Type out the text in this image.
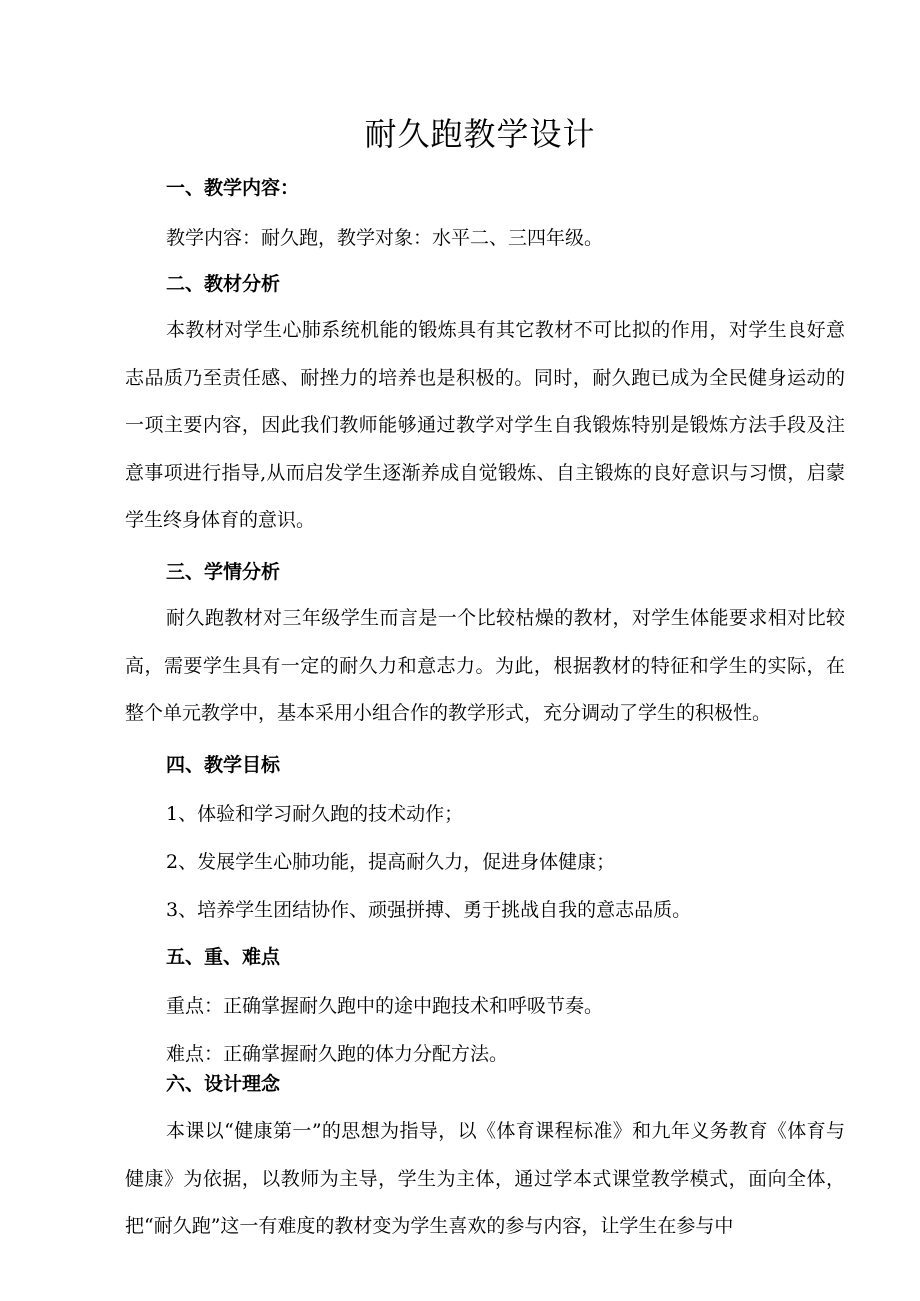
耐久跑教学设计
一、教学内容：
教学内容：耐久跑，教学对象：水平二、三四年级。
二、教材分析
本教材对学生心肺系统机能的锻炼具有其它教材不可比拟的作用，对学生良好意志品质乃至责任感、耐挫力的培养也是积极的。同时，耐久跑已成为全民健身运动的一项主要内容，因此我们教师能够通过教学对学生自我锻炼特别是锻炼方法手段及注意事项进行指导,从而启发学生逐渐养成自觉锻炼、自主锻炼的良好意识与习惯，启蒙学生终身体育的意识。
三、学情分析
耐久跑教材对三年级学生而言是一个比较枯燥的教材，对学生体能要求相对比较高，需要学生具有一定的耐久力和意志力。为此，根据教材的特征和学生的实际，在整个单元教学中，基本采用小组合作的教学形式，充分调动了学生的积极性。
四、教学目标
1、体验和学习耐久跑的技术动作；
2、发展学生心肺功能，提高耐久力，促进身体健康；
3、培养学生团结协作、顽强拼搏、勇于挑战自我的意志品质。
五、重、难点
重点：正确掌握耐久跑中的途中跑技术和呼吸节奏。
难点：正确掌握耐久跑的体力分配方法。
六、设计理念
本课以“健康第一”的思想为指导，以《体育课程标准》和九年义务教育《体育与健康》为依据，以教师为主导，学生为主体，通过学本式课堂教学模式，面向全体，把“耐久跑”这一有难度的教材变为学生喜欢的参与内容，让学生在参与中
